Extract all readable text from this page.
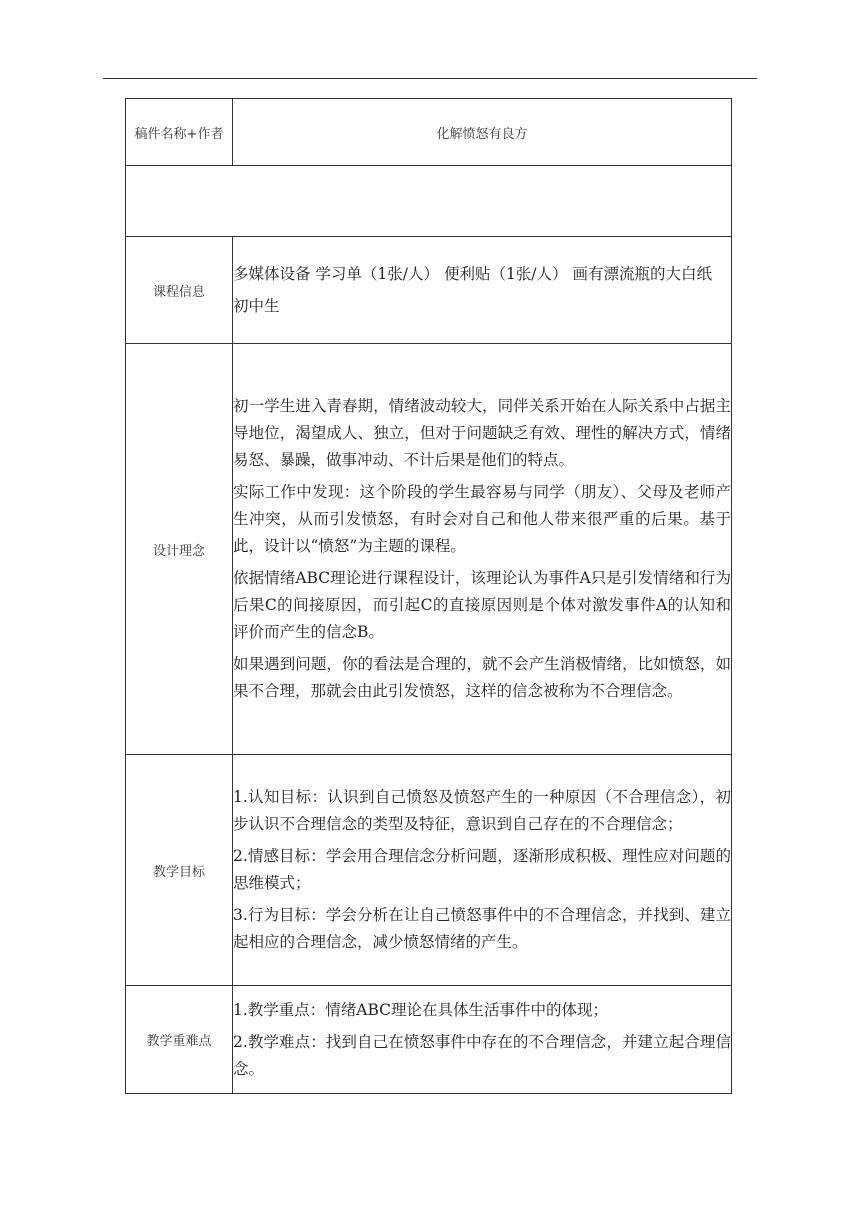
稿件名称+作者	化解愤怒有良方

课程信息	多媒体设备 学习单（1张/人） 便利贴（1张/人） 画有漂流瓶的大白纸

初中生

设计理念	初一学生进入青春期，情绪波动较大，同伴关系开始在人际关系中占据主导地位，渴望成人、独立，但对于问题缺乏有效、理性的解决方式，情绪易怒、暴躁，做事冲动、不计后果是他们的特点。

实际工作中发现：这个阶段的学生最容易与同学（朋友）、父母及老师产生冲突，从而引发愤怒，有时会对自己和他人带来很严重的后果。基于此，设计以“愤怒”为主题的课程。

依据情绪ABC理论进行课程设计，该理论认为事件A只是引发情绪和行为后果C的间接原因，而引起C的直接原因则是个体对激发事件A的认知和评价而产生的信念B。

如果遇到问题，你的看法是合理的，就不会产生消极情绪，比如愤怒，如果不合理，那就会由此引发愤怒，这样的信念被称为不合理信念。

教学目标	1.认知目标：认识到自己愤怒及愤怒产生的一种原因（不合理信念），初步认识不合理信念的类型及特征，意识到自己存在的不合理信念；

2.情感目标：学会用合理信念分析问题，逐渐形成积极、理性应对问题的思维模式；

3.行为目标：学会分析在让自己愤怒事件中的不合理信念，并找到、建立起相应的合理信念，减少愤怒情绪的产生。

教学重难点	1.教学重点：情绪ABC理论在具体生活事件中的体现；

2.教学难点：找到自己在愤怒事件中存在的不合理信念，并建立起合理信念。
